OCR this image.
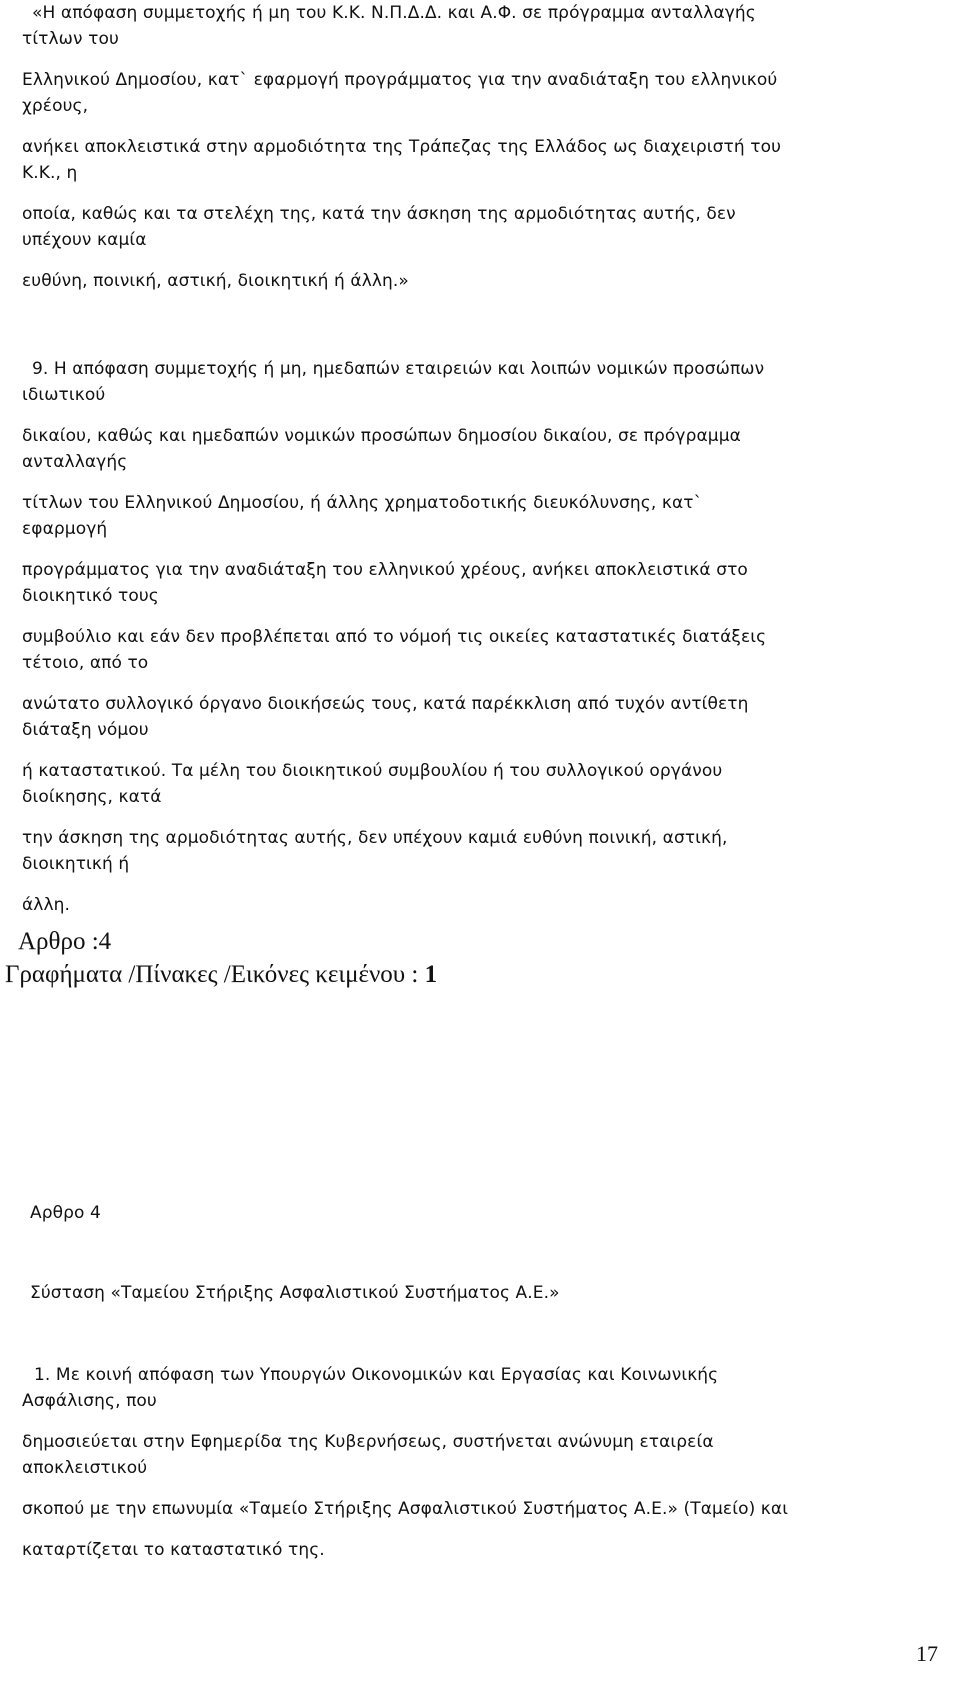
«Η απόφαση συμμετοχής ή μη του Κ.Κ. Ν.Π.Δ.Δ. και Α.Φ. σε πρόγραμμα ανταλλαγής
τίτλων του
Ελληνικού Δημοσίου, κατ` εφαρμογή προγράμματος για την αναδιάταξη του ελληνικού
χρέους,
ανήκει αποκλειστικά στην αρμοδιότητα της Τράπεζας της Ελλάδος ως διαχειριστή του
Κ.Κ., η
οποία, καθώς και τα στελέχη της, κατά την άσκηση της αρμοδιότητας αυτής, δεν
υπέχουν καμία
ευθύνη, ποινική, αστική, διοικητική ή άλλη.»
9. Η απόφαση συμμετοχής ή μη, ημεδαπών εταιρειών και λοιπών νομικών προσώπων
ιδιωτικού
δικαίου, καθώς και ημεδαπών νομικών προσώπων δημοσίου δικαίου, σε πρόγραμμα
ανταλλαγής
τίτλων του Ελληνικού Δημοσίου, ή άλλης χρηματοδοτικής διευκόλυνσης, κατ`
εφαρμογή
προγράμματος για την αναδιάταξη του ελληνικού χρέους, ανήκει αποκλειστικά στο
διοικητικό τους
συμβούλιο και εάν δεν προβλέπεται από το νόμοή τις οικείες καταστατικές διατάξεις
τέτοιο, από το
ανώτατο συλλογικό όργανο διοικήσεώς τους, κατά παρέκκλιση από τυχόν αντίθετη
διάταξη νόμου
ή καταστατικού. Τα μέλη του διοικητικού συμβουλίου ή του συλλογικού οργάνου
διοίκησης, κατά
την άσκηση της αρμοδιότητας αυτής, δεν υπέχουν καμιά ευθύνη ποινική, αστική,
διοικητική ή
άλλη.
Αρθρο :4
Γραφήματα /Πίνακες /Εικόνες κειμένου : 1
Αρθρο 4
Σύσταση «Ταμείου Στήριξης Ασφαλιστικού Συστήματος Α.Ε.»
1. Με κοινή απόφαση των Υπουργών Οικονομικών και Εργασίας και Κοινωνικής
Ασφάλισης, που
δημοσιεύεται στην Εφημερίδα της Κυβερνήσεως, συστήνεται ανώνυμη εταιρεία
αποκλειστικού
σκοπού με την επωνυμία «Ταμείο Στήριξης Ασφαλιστικού Συστήματος Α.Ε.» (Ταμείο) και
καταρτίζεται το καταστατικό της.
17
